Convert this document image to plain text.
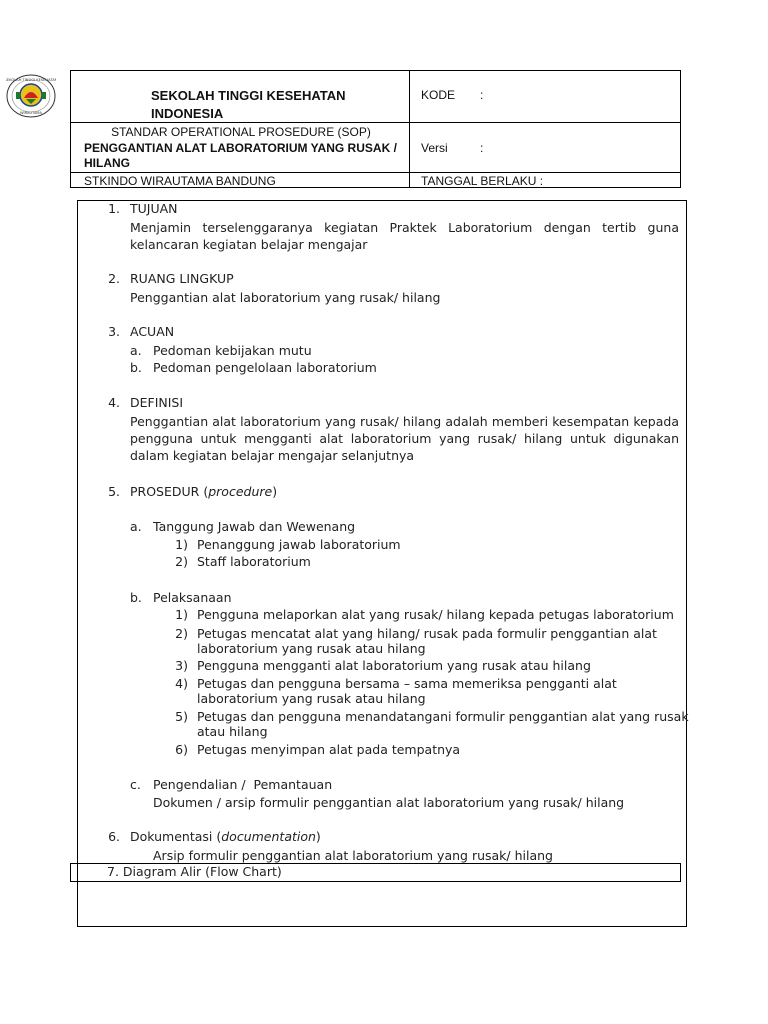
SEKOLAH TINGGI KESEHATAN
WIRAUTAMA
SEKOLAH TINGGI KESEHATAN INDONESIA
KODE :
STANDAR OPERATIONAL PROSEDURE (SOP)
PENGGANTIAN ALAT LABORATORIUM YANG RUSAK / HILANG
Versi	:
STKINDO WIRAUTAMA BANDUNG	TANGGAL BERLAKU :
1. TUJUAN
Menjamin terselenggaranya kegiatan Praktek Laboratorium dengan tertib guna kelancaran kegiatan belajar mengajar
2. RUANG LINGKUP
Penggantian alat laboratorium yang rusak/ hilang
3. ACUAN
a. Pedoman kebijakan mutu
b. Pedoman pengelolaan laboratorium
4. DEFINISI
Penggantian alat laboratorium yang rusak/ hilang adalah memberi kesempatan kepada pengguna untuk mengganti alat laboratorium yang rusak/ hilang untuk digunakan dalam kegiatan belajar mengajar selanjutnya
5. PROSEDUR (procedure)
a. Tanggung Jawab dan Wewenang
1) Penanggung jawab laboratorium
2) Staff laboratorium
b. Pelaksanaan
1) Pengguna melaporkan alat yang rusak/ hilang kepada petugas laboratorium
2) Petugas mencatat alat yang hilang/ rusak pada formulir penggantian alat
laboratorium yang rusak atau hilang
3) Pengguna mengganti alat laboratorium yang rusak atau hilang
4) Petugas dan pengguna bersama – sama memeriksa pengganti alat
laboratorium yang rusak atau hilang
5) Petugas dan pengguna menandatangani formulir penggantian alat yang rusak
atau hilang
6) Petugas menyimpan alat pada tempatnya
c. Pengendalian /  Pemantauan
Dokumen / arsip formulir penggantian alat laboratorium yang rusak/ hilang
6. Dokumentasi (documentation)
Arsip formulir penggantian alat laboratorium yang rusak/ hilang
7. Diagram Alir (Flow Chart)
